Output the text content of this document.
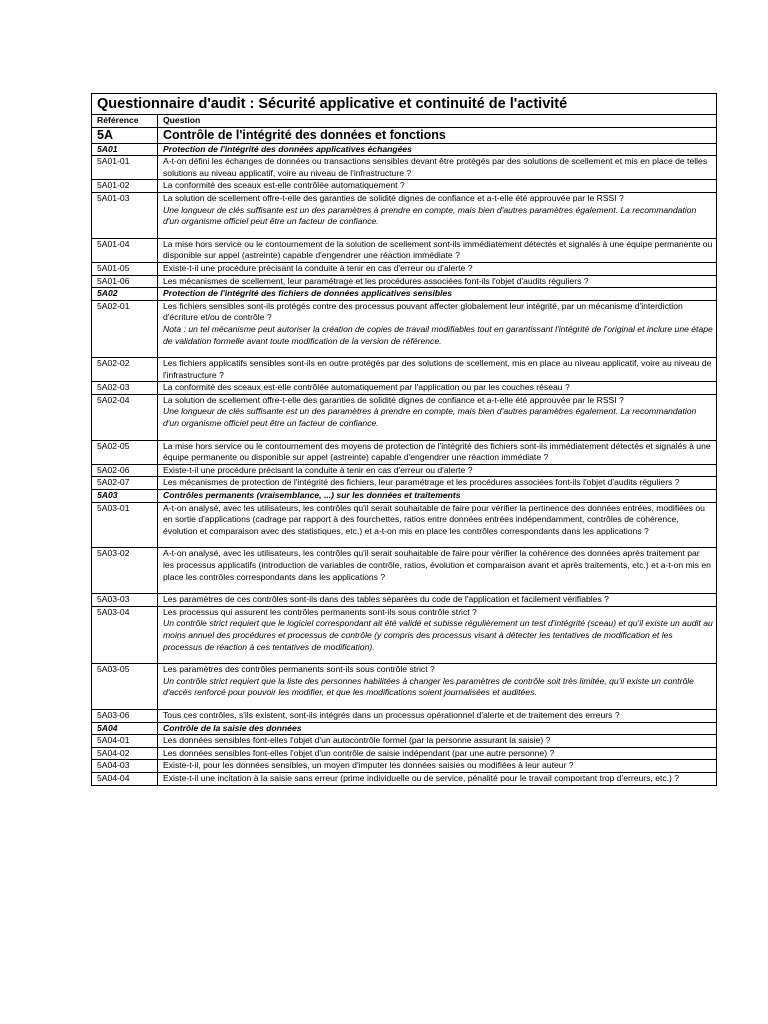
Questionnaire d'audit : Sécurité applicative et continuité de l'activité	
Référence	Question
5A	Contrôle de l'intégrité des données et fonctions

5A01	Protection de l'intégrité des données applicatives échangées

5A01-01	A-t-on défini les échanges de données ou transactions sensibles devant être protégés par des solutions de scellement et mis en place de telles solutions au niveau applicatif, voire au niveau de l'infrastructure ?

5A01-02	La conformité des sceaux est-elle contrôlée automatiquement ?

5A01-03	La solution de scellement offre-t-elle des garanties de solidité dignes de confiance et a-t-elle été approuvée par le RSSI ?
Une longueur de clés suffisante est un des paramètres à prendre en compte, mais bien d'autres paramètres également. La recommandation d'un organisme officiel peut être un facteur de confiance.

5A01-04	La mise hors service ou le contournement de la solution de scellement sont-ils immédiatement détectés et signalés à une équipe permanente ou disponible sur appel (astreinte) capable d'engendrer une réaction immédiate ?

5A01-05	Existe-t-il une procédure précisant la conduite à tenir en cas d'erreur ou d'alerte ?

5A01-06	Les mécanismes de scellement, leur paramétrage et les procédures associées font-ils l'objet d'audits réguliers ?

5A02	Protection de l'intégrité des fichiers de données applicatives sensibles

5A02-01	Les fichiers sensibles sont-ils protégés contre des processus pouvant affecter globalement leur intégrité, par un mécanisme d'interdiction d'écriture et/ou de contrôle ?
Nota : un tel mécanisme peut autoriser la création de copies de travail modifiables tout en garantissant l'intégrité de l'original et inclure une étape de validation formelle avant toute modification de la version de référence.

5A02-02	Les fichiers applicatifs sensibles sont-ils en outre protégés par des solutions de scellement, mis en place au niveau applicatif, voire au niveau de l'infrastructure ?

5A02-03	La conformité des sceaux est-elle contrôlée automatiquement par l'application ou par les couches réseau ?

5A02-04	La solution de scellement offre-t-elle des garanties de solidité dignes de confiance et a-t-elle été approuvée par le RSSI ?
Une longueur de clés suffisante est un des paramètres à prendre en compte, mais bien d'autres paramètres également. La recommandation d'un organisme officiel peut être un facteur de confiance.

5A02-05	La mise hors service ou le contournement des moyens de protection de l'intégrité des fichiers sont-ils immédiatement détectés et signalés à une équipe permanente ou disponible sur appel (astreinte) capable d'engendrer une réaction immédiate ?

5A02-06	Existe-t-il une procédure précisant la conduite à tenir en cas d'erreur ou d'alerte ?

5A02-07	Les mécanismes de protection de l'intégrité des fichiers, leur paramétrage et les procédures associées font-ils l'objet d'audits réguliers ?

5A03	Contrôles permanents (vraisemblance, ...) sur les données et traitements

5A03-01	A-t-on analysé, avec les utilisateurs, les contrôles qu'il serait souhaitable de faire pour vérifier la pertinence des données entrées, modifiées ou en sortie d'applications (cadrage par rapport à des fourchettes, ratios entre données entrées indépendamment, contrôles de cohérence, évolution et comparaison avec des statistiques, etc.) et a-t-on mis en place les contrôles correspondants dans les applications ?

5A03-02	A-t-on analysé, avec les utilisateurs, les contrôles qu'il serait souhaitable de faire pour vérifier la cohérence des données après traitement par les processus applicatifs (introduction de variables de contrôle, ratios, évolution et comparaison avant et après traitements, etc.) et a-t-on mis en place les contrôles correspondants dans les applications ?

5A03-03	Les paramètres de ces contrôles sont-ils dans des tables séparées du code de l'application et facilement vérifiables ?

5A03-04	Les processus qui assurent les contrôles permanents sont-ils sous contrôle strict ?
Un contrôle strict requiert que le logiciel correspondant ait été validé et subisse régulièrement un test d'intégrité (sceau) et qu'il existe un audit au moins annuel des procédures et processus de contrôle (y compris des processus visant à détecter les tentatives de modification et les processus de réaction à ces tentatives de modification).

5A03-05	Les paramètres des contrôles permanents sont-ils sous contrôle strict ?
Un contrôle strict requiert que la liste des personnes habilitées à changer les paramètres de contrôle soit très limitée, qu'il existe un contrôle d'accès renforcé pour pouvoir les modifier, et que les modifications soient journalisées et auditées.

5A03-06	Tous ces contrôles, s'ils existent, sont-ils intégrés dans un processus opérationnel d'alerte et de traitement des erreurs ?

5A04	Contrôle de la saisie des données

5A04-01	Les données sensibles font-elles l'objet d'un autocontrôle formel (par la personne assurant la saisie) ?

5A04-02	Les données sensibles font-elles l'objet d'un contrôle de saisie indépendant (par une autre personne) ?

5A04-03	Existe-t-il, pour les données sensibles, un moyen d'imputer les données saisies ou modifiées à leur auteur ?

5A04-04	Existe-t-il une incitation à la saisie sans erreur (prime individuelle ou de service, pénalité pour le travail comportant trop d'erreurs, etc.) ?
